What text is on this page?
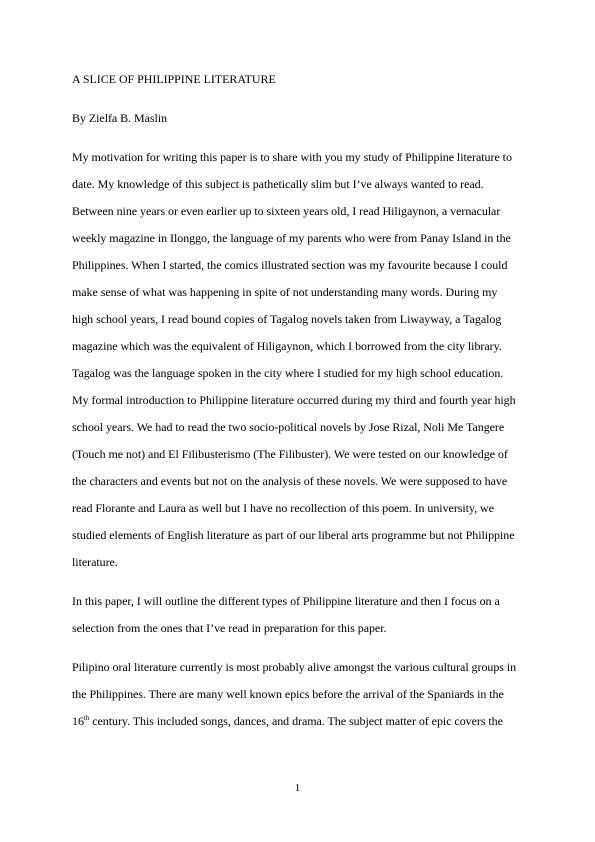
A SLICE OF PHILIPPINE LITERATURE
By Zielfa B. Maslin
My motivation for writing this paper is to share with you my study of Philippine literature to
date. My knowledge of this subject is pathetically slim but I’ve always wanted to read.
Between nine years or even earlier up to sixteen years old, I read Hiligaynon, a vernacular
weekly magazine in Ilonggo, the language of my parents who were from Panay Island in the
Philippines. When I started, the comics illustrated section was my favourite because I could
make sense of what was happening in spite of not understanding many words. During my
high school years, I read bound copies of Tagalog novels taken from Liwayway, a Tagalog
magazine which was the equivalent of Hiligaynon, which I borrowed from the city library.
Tagalog was the language spoken in the city where I studied for my high school education.
My formal introduction to Philippine literature occurred during my third and fourth year high
school years. We had to read the two socio-political novels by Jose Rizal, Noli Me Tangere
(Touch me not) and El Filibusterismo (The Filibuster). We were tested on our knowledge of
the characters and events but not on the analysis of these novels. We were supposed to have
read Florante and Laura as well but I have no recollection of this poem. In university, we
studied elements of English literature as part of our liberal arts programme but not Philippine
literature.
In this paper, I will outline the different types of Philippine literature and then I focus on a
selection from the ones that I’ve read in preparation for this paper.
Pilipino oral literature currently is most probably alive amongst the various cultural groups in
the Philippines. There are many well known epics before the arrival of the Spaniards in the
16th century. This included songs, dances, and drama. The subject matter of epic covers the
1
